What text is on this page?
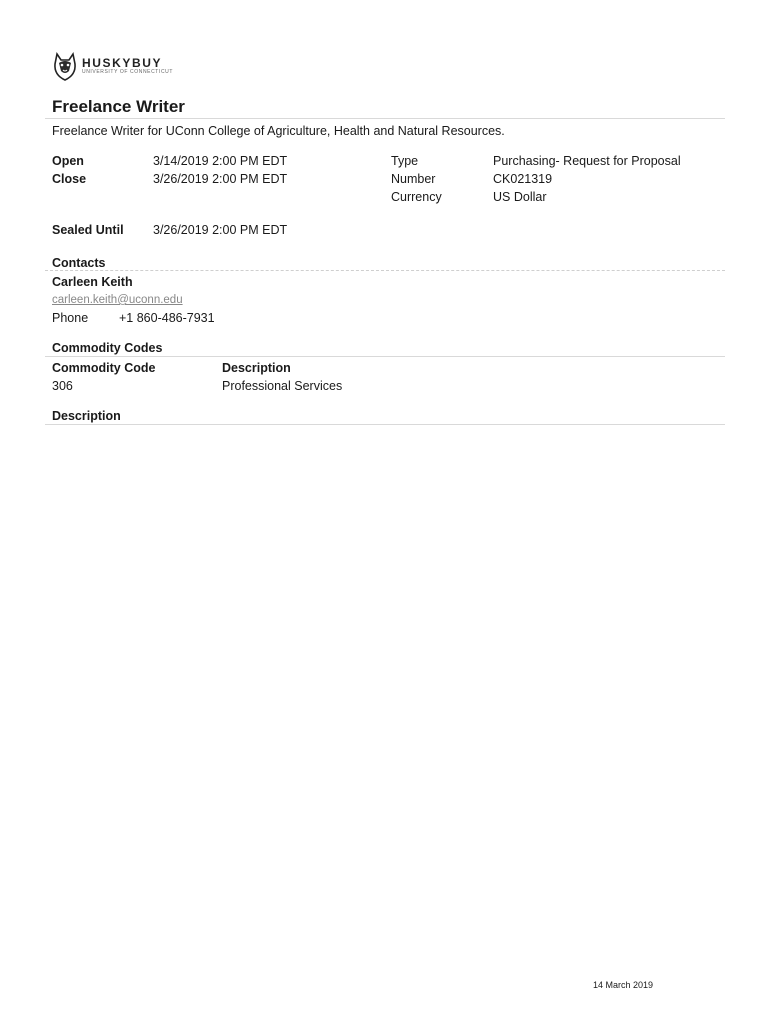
HUSKYBUY
UNIVERSITY OF CONNECTICUT
Freelance Writer
Freelance Writer for UConn College of Agriculture, Health and Natural Resources.
Open	3/14/2019 2:00 PM EDT
Close	3/26/2019 2:00 PM EDT
Type	Purchasing- Request for Proposal
Number	CK021319
Currency	US Dollar
Sealed Until 3/26/2019 2:00 PM EDT
Contacts
Carleen Keith
carleen.keith@uconn.edu
Phone +1 860-486-7931
Commodity Codes
Commodity Code	Description
306	Professional Services
Description
14 March 2019
